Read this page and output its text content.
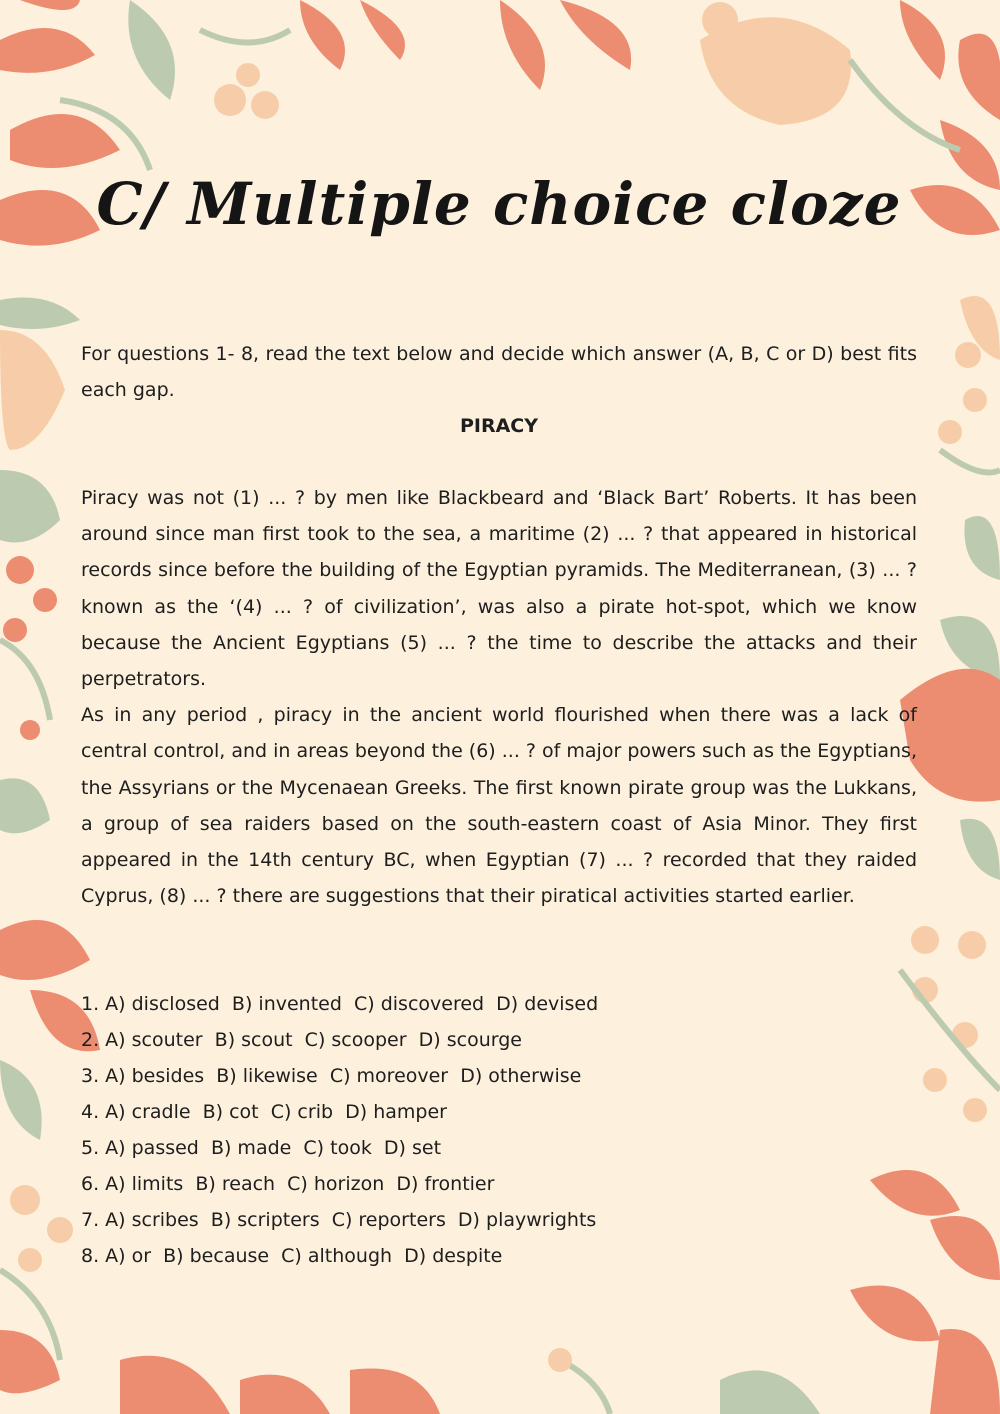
C/ Multiple choice cloze

For questions 1- 8, read the text below and decide which answer (A, B, C or D) best fits each gap.

PIRACY

Piracy was not (1) ... ? by men like Blackbeard and ‘Black Bart’ Roberts. It has been around since man first took to the sea, a maritime (2) ... ? that appeared in historical records since before the building of the Egyptian pyramids. The Mediterranean, (3) ... ? known as the ‘(4) ... ? of civilization’, was also a pirate hot-spot, which we know because the Ancient Egyptians (5) ... ? the time to describe the attacks and their perpetrators.

As in any period , piracy in the ancient world flourished when there was a lack of central control, and in areas beyond the (6) ... ? of major powers such as the Egyptians, the Assyrians or the Mycenaean Greeks. The first known pirate group was the Lukkans, a group of sea raiders based on the south-eastern coast of Asia Minor. They first appeared in the 14th century BC, when Egyptian (7) ... ? recorded that they raided Cyprus, (8) ... ? there are suggestions that their piratical activities started earlier.

1. A) disclosed  B) invented  C) discovered  D) devised
2. A) scouter  B) scout  C) scooper  D) scourge
3. A) besides  B) likewise  C) moreover  D) otherwise
4. A) cradle  B) cot  C) crib  D) hamper
5. A) passed  B) made  C) took  D) set
6. A) limits  B) reach  C) horizon  D) frontier
7. A) scribes  B) scripters  C) reporters  D) playwrights
8. A) or  B) because  C) although  D) despite
